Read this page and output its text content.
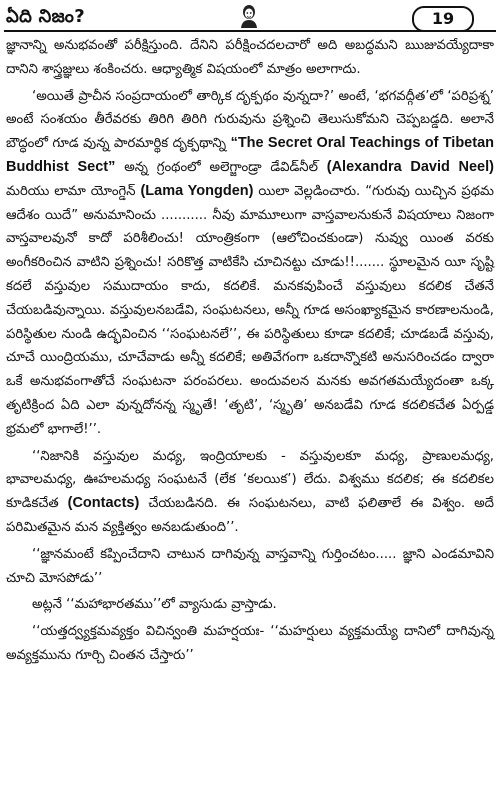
ఏది నిజం?	19

జ్ఞానాన్ని అనుభవంతో పరీక్షిస్తుంది. దేనిని పరీక్షించదలచారో అది అబద్ధమని ఋజువయ్యేదాకా దానిని శాస్త్రజ్ఞులు శంకించరు. ఆధ్యాత్మిక విషయంలో మాత్రం అలాగాదు.

‘అయితే ప్రాచీన సంప్రదాయంలో తార్కిక దృక్పథం వున్నదా?’ అంటే, ‘భగవద్గీత’లో ‘పరిప్రశ్న’ అంటే సంశయం తీరేవరకు తిరిగి తిరిగి గురువును ప్రశ్నించి తెలుసుకోమని చెప్పబడ్డది. అలానే బౌద్ధంలో గూడ వున్న పారమార్థిక దృక్పథాన్ని “The Secret Oral Teachings of Tibetan Buddhist Sect” అన్న గ్రంథంలో అలెగ్జాండ్రా డేవిడ్‌నీల్ (Alexandra David Neel) మరియు లామా యోంగ్డెన్ (Lama Yongden) యిలా వెల్లడించారు. “గురువు యిచ్చిన ప్రథమ ఆదేశం యిదే” అనుమానించు ........... నీవు మామూలుగా వాస్తవాలనుకునే విషయాలు నిజంగా వాస్తవాలవునో కాదో పరిశీలించు! యాంత్రికంగా (ఆలోచించకుండా) నువ్వు యింత వరకు అంగీకరించిన వాటిని ప్రశ్నించు! సరికొత్త వాటికేసి చూచినట్టు చూడు!!....... స్థూలమైన యీ సృష్టి కదలే వస్తువుల సముదాయం కాదు, కదలికే. మనకవుపించే వస్తువులు కదలిక చేతనే చేయబడివున్నాయి. వస్తువులనబడేవి, సంఘటనలు, అన్నీ గూడ అసంఖ్యాకమైన కారణాలనుండి, పరిస్థితుల నుండి ఉద్భవించిన ‘‘సంఘటనలే’’, ఈ పరిస్థితులు కూడా కదలికే; చూడబడే వస్తువు, చూచే యింద్రియము, చూచేవాడు అన్నీ కదలికే; అతివేగంగా ఒకదాన్నొకటి అనుసరించడం ద్వారా ఒకే అనుభవంగాతోచే సంఘటనా పరంపరలు. అందువలన మనకు అవగతమయ్యేదంతా ఒక్క తృటిక్రింద ఏది ఎలా వున్నదోనన్న స్మృతే! ‘తృటి’, ‘స్మృతి’ అనబడేవి గూడ కదలికచేత ఏర్పడ్డ భ్రమలో భాగాలే!’’.

‘‘నిజానికి వస్తువుల మధ్య, ఇంద్రియాలకు - వస్తువులకూ మధ్య, ప్రాణులమధ్య, భావాలమధ్య, ఊహలమధ్య సంఘటనే (లేక ‘కలయిక’) లేదు. విశ్వము కదలిక; ఈ కదలికల కూడికచేత (Contacts) చేయబడినది. ఈ సంఘటనలు, వాటి ఫలితాలే ఈ విశ్వం. అదే పరిమితమైన మన వ్యక్తిత్వం అనబడుతుంది’’.

‘‘జ్ఞానమంటే కప్పించేదాని చాటున దాగివున్న వాస్తవాన్ని గుర్తించటం..... జ్ఞాని ఎండమావిని చూచి మోసపోడు’’

అట్లనే ‘‘మహాభారతము’’లో వ్యాసుడు వ్రాస్తాడు.

‘‘యత్తద్వ్యక్తమవ్యక్తం విచిన్వంతి మహర్షయః- ‘‘మహర్షులు వ్యక్తమయ్యే దానిలో దాగివున్న అవ్యక్తమును గూర్చి చింతన చేస్తారు’’
